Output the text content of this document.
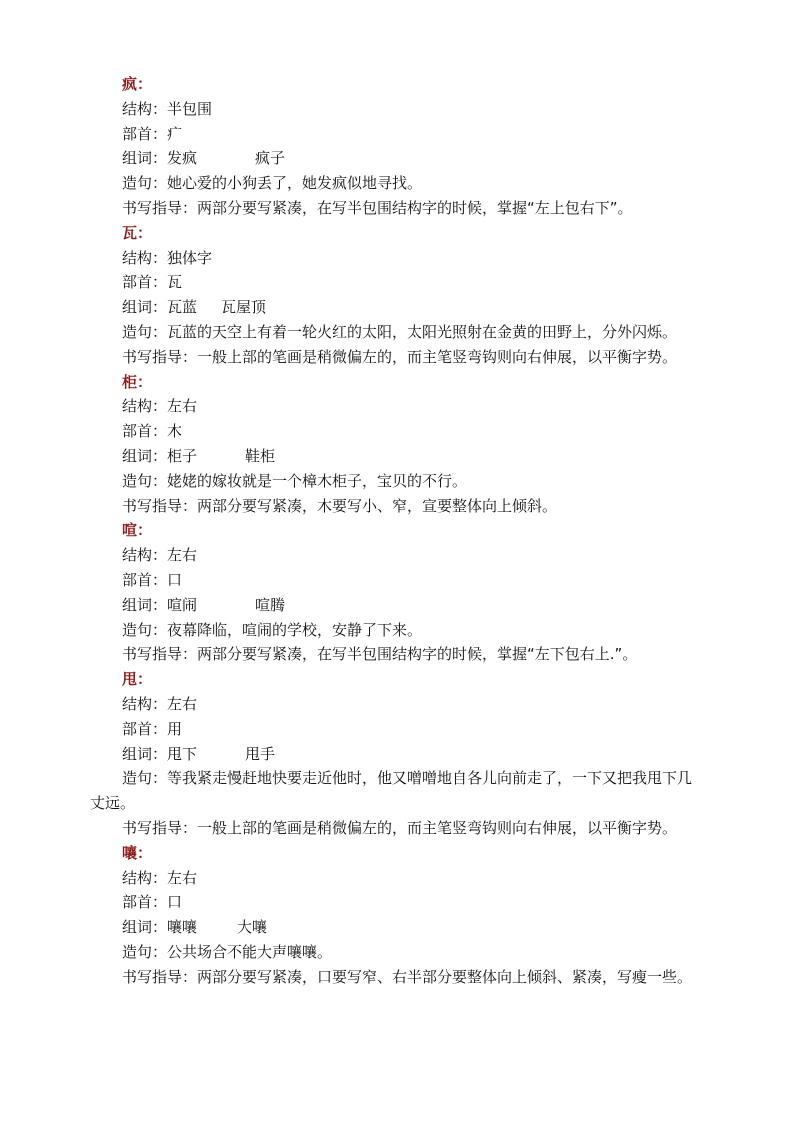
疯：
结构：半包围
部首：疒
组词：发疯	疯子
造句：她心爱的小狗丢了，她发疯似地寻找。
书写指导：两部分要写紧凑，在写半包围结构字的时候，掌握“左上包右下”。
瓦：
结构：独体字
部首：瓦
组词：瓦蓝 瓦屋顶
造句：瓦蓝的天空上有着一轮火红的太阳，太阳光照射在金黄的田野上，分外闪烁。
书写指导：一般上部的笔画是稍微偏左的，而主笔竖弯钩则向右伸展，以平衡字势。
柜：
结构：左右
部首：木
组词：柜子	鞋柜
造句：姥姥的嫁妆就是一个樟木柜子，宝贝的不行。
书写指导：两部分要写紧凑，木要写小、窄，宣要整体向上倾斜。
喧：
结构：左右
部首：口
组词：喧闹	喧腾
造句：夜幕降临，喧闹的学校，安静了下来。
书写指导：两部分要写紧凑，在写半包围结构字的时候，掌握“左下包右上.”。
甩：
结构：左右
部首：用
组词：甩下	甩手
造句：等我紧走慢赶地快要走近他时，他又噌噌地自各儿向前走了，一下又把我甩下几丈远。
书写指导：一般上部的笔画是稍微偏左的，而主笔竖弯钩则向右伸展，以平衡字势。
嚷：
结构：左右
部首：口
组词：嚷嚷	大嚷
造句：公共场合不能大声嚷嚷。
书写指导：两部分要写紧凑，口要写窄、右半部分要整体向上倾斜、紧凑，写瘦一些。
